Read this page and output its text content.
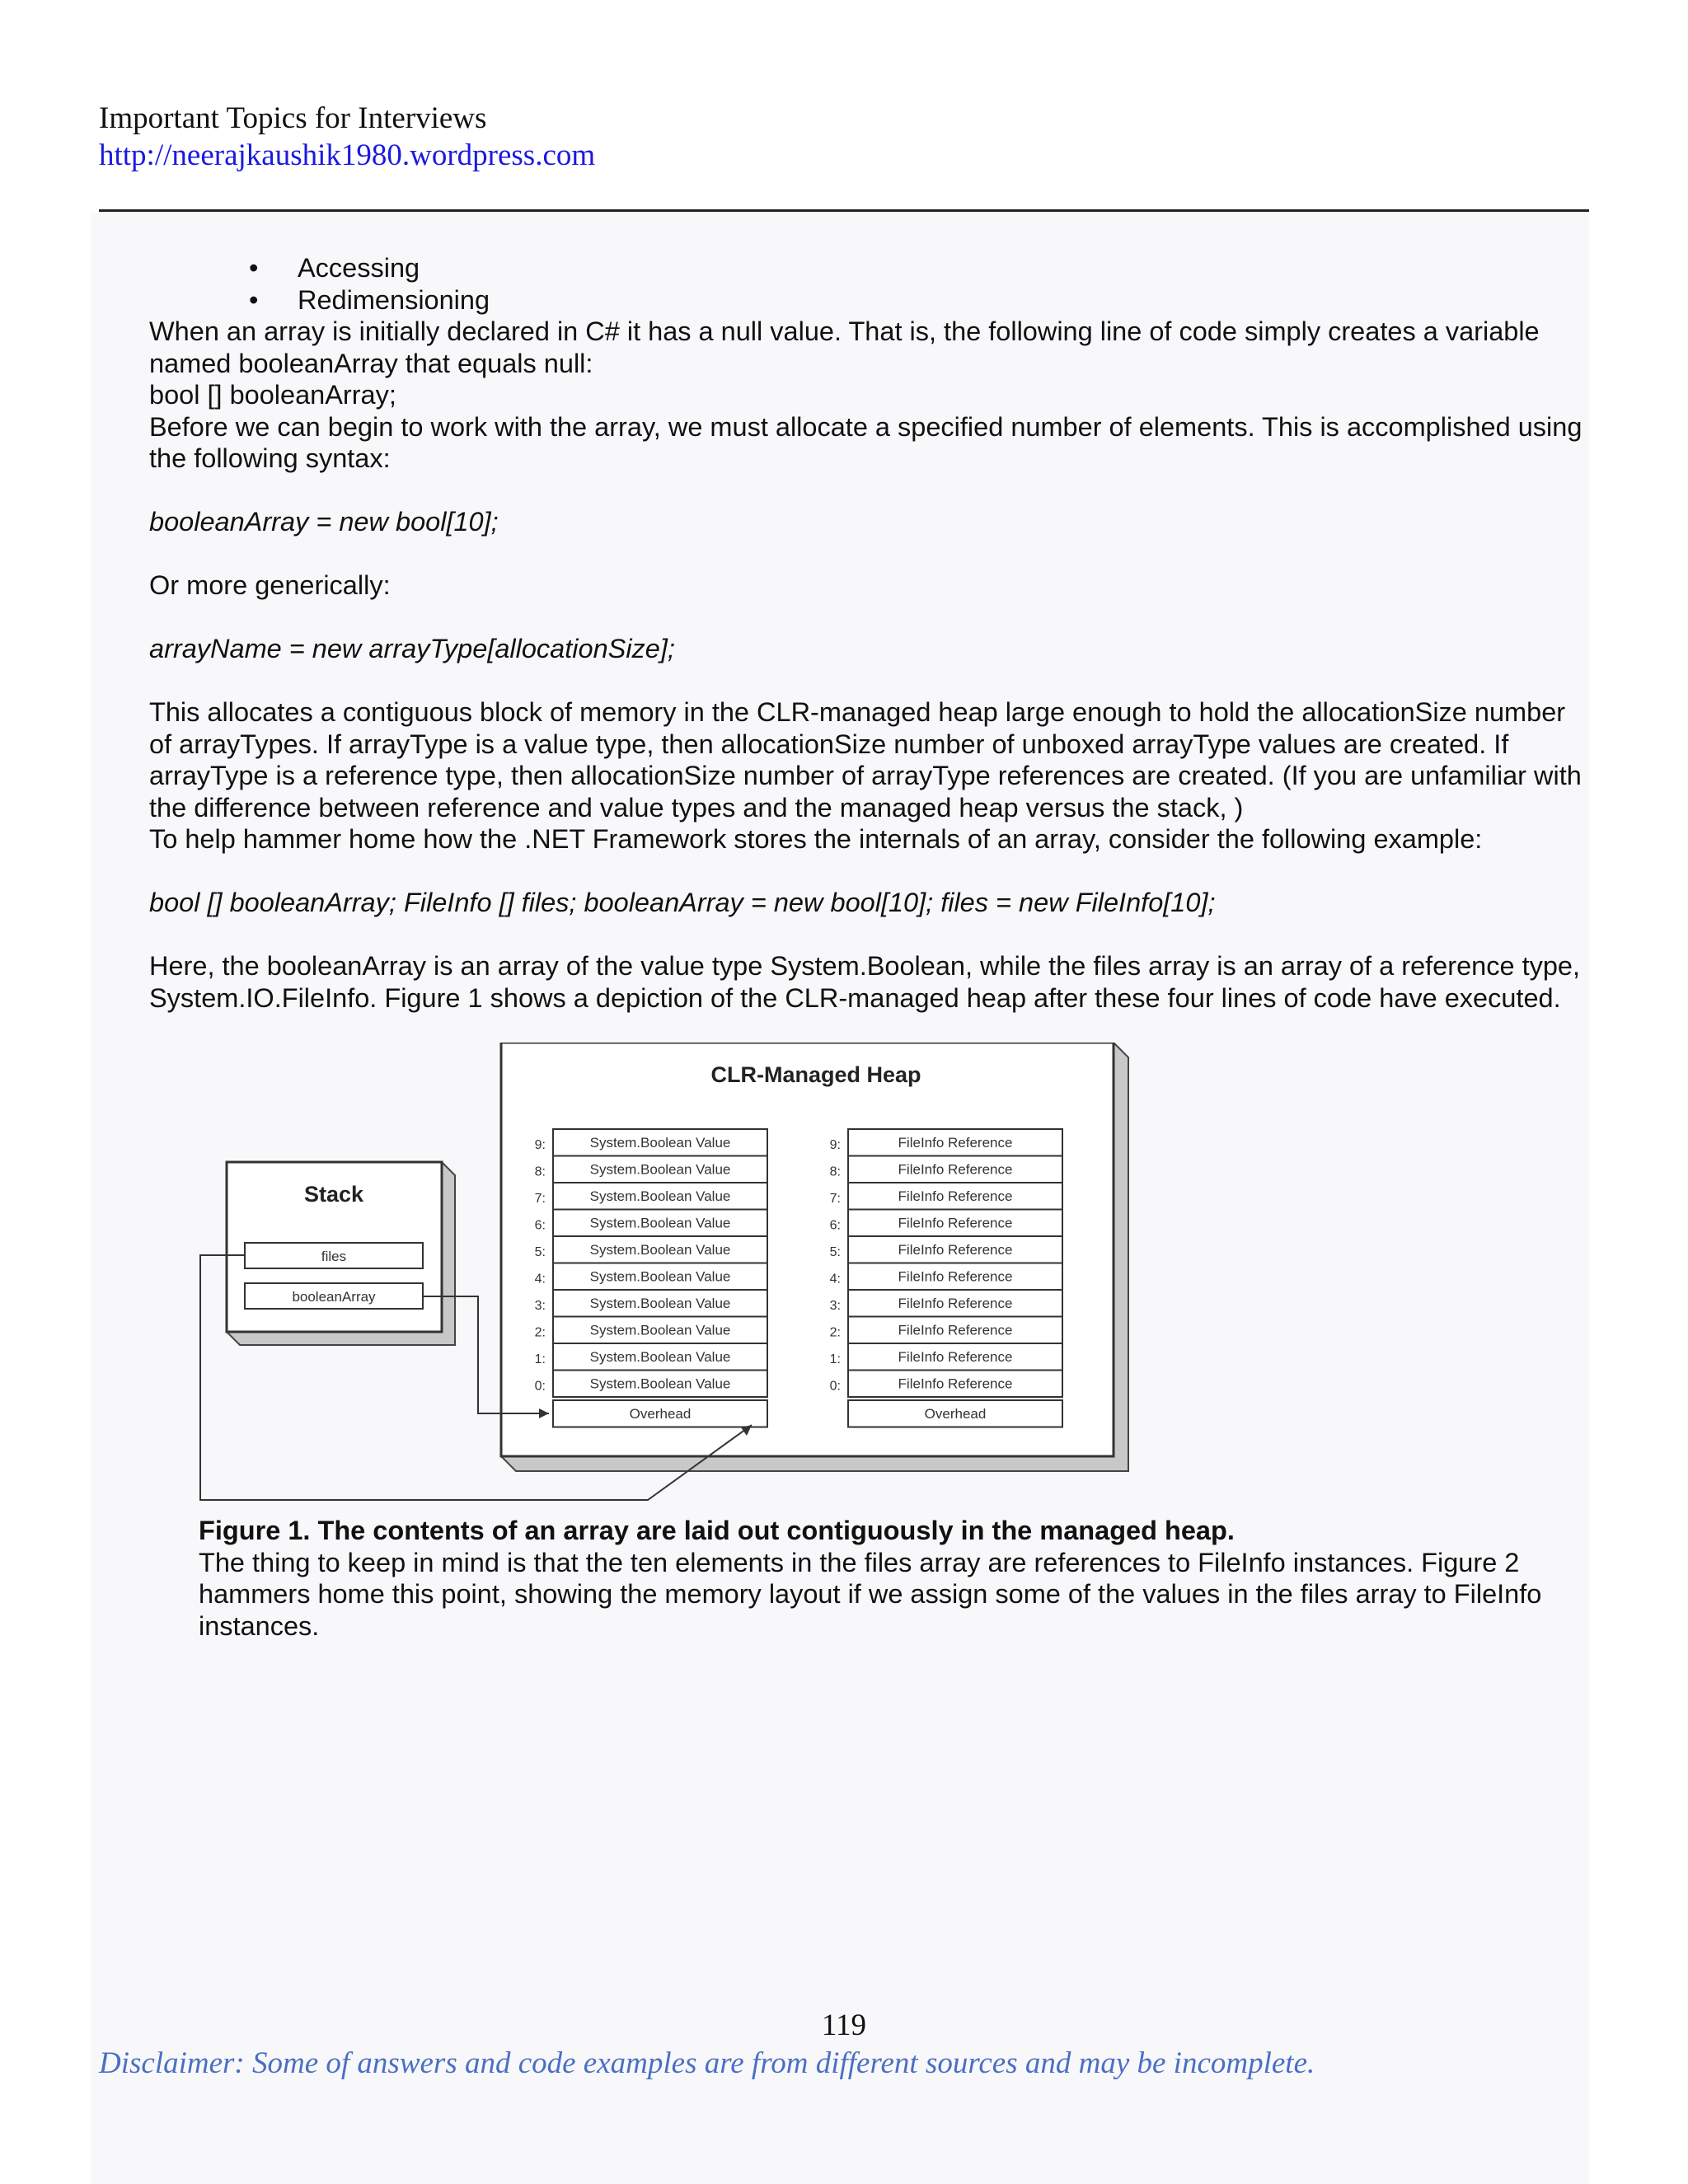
Important Topics for Interviews
http://neerajkaushik1980.wordpress.com

• Accessing

• Redimensioning

When an array is initially declared in C# it has a null value. That is, the following line of code simply creates a variable named booleanArray that equals null:

bool [] booleanArray;

Before we can begin to work with the array, we must allocate a specified number of elements. This is accomplished using the following syntax:

booleanArray = new bool[10];

Or more generically:

arrayName = new arrayType[allocationSize];

This allocates a contiguous block of memory in the CLR-managed heap large enough to hold the allocationSize number of arrayTypes. If arrayType is a value type, then allocationSize number of unboxed arrayType values are created. If arrayType is a reference type, then allocationSize number of arrayType references are created. (If you are unfamiliar with the difference between reference and value types and the managed heap versus the stack, )

To help hammer home how the .NET Framework stores the internals of an array, consider the following example:

bool [] booleanArray; FileInfo [] files; booleanArray = new bool[10]; files = new FileInfo[10];

Here, the booleanArray is an array of the value type System.Boolean, while the files array is an array of a reference type, System.IO.FileInfo. Figure 1 shows a depiction of the CLR-managed heap after these four lines of code have executed.

CLR-Managed Heap
Stack
files
booleanArray
System.Boolean Value
9:
System.Boolean Value
8:
System.Boolean Value
7:
System.Boolean Value
6:
System.Boolean Value
5:
System.Boolean Value
4:
System.Boolean Value
3:
System.Boolean Value
2:
System.Boolean Value
1:
System.Boolean Value
0:
Overhead
FileInfo Reference
9:
FileInfo Reference
8:
FileInfo Reference
7:
FileInfo Reference
6:
FileInfo Reference
5:
FileInfo Reference
4:
FileInfo Reference
3:
FileInfo Reference
2:
FileInfo Reference
1:
FileInfo Reference
0:
Overhead

Figure 1. The contents of an array are laid out contiguously in the managed heap.

The thing to keep in mind is that the ten elements in the files array are references to FileInfo instances. Figure 2 hammers home this point, showing the memory layout if we assign some of the values in the files array to FileInfo instances.

119
Disclaimer: Some of answers and code examples are from different sources and may be incomplete.
